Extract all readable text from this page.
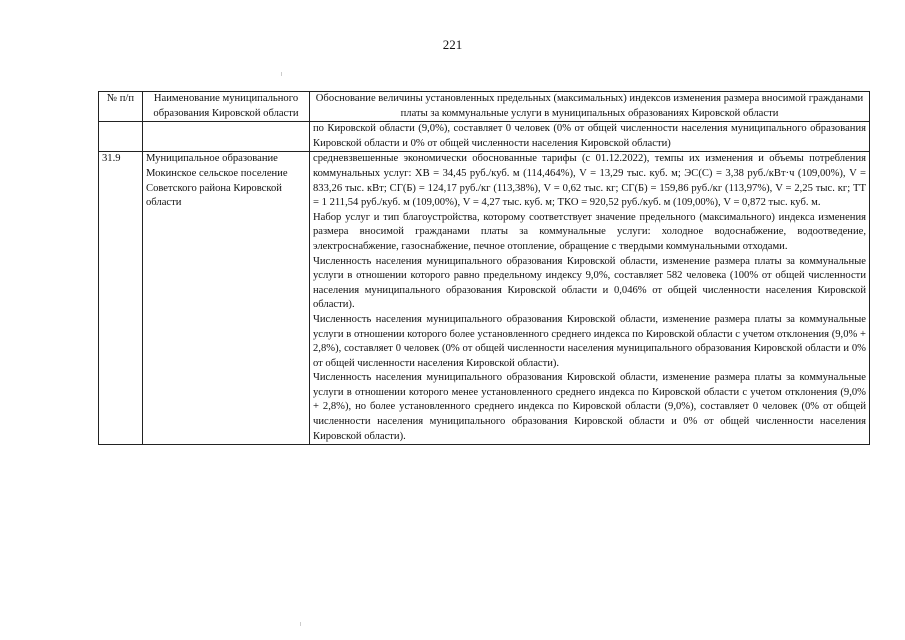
221
№ п/п	Наименование муниципального образования Кировской области	Обоснование величины установленных предельных (максимальных) индексов изменения размера вносимой гражданами платы за коммунальные услуги в муниципальных образованиях Кировской области
		по Кировской области (9,0%), составляет 0 человек (0% от общей численности населения муниципального образования Кировской области и 0% от общей численности населения Кировской области)
31.9	Муниципальное образование Мокинское сельское поселение Советского района Кировской области	средневзвешенные экономически обоснованные тарифы (с 01.12.2022), темпы их изменения и объемы потребления коммунальных услуг: ХВ = 34,45 руб./куб. м (114,464%), V = 13,29 тыс. куб. м; ЭС(С) = 3,38 руб./кВт·ч (109,00%), V = 833,26 тыс. кВт; СГ(Б) = 124,17 руб./кг (113,38%), V = 0,62 тыс. кг; СГ(Б) = 159,86 руб./кг (113,97%), V = 2,25 тыс. кг; ТТ = 1 211,54 руб./куб. м (109,00%), V = 4,27 тыс. куб. м; ТКО = 920,52 руб./куб. м (109,00%), V = 0,872 тыс. куб. м.

Набор услуг и тип благоустройства, которому соответствует значение предельного (максимального) индекса изменения размера вносимой гражданами платы за коммунальные услуги: холодное водоснабжение, водоотведение, электроснабжение, газоснабжение, печное отопление, обращение с твердыми коммунальными отходами.

Численность населения муниципального образования Кировской области, изменение размера платы за коммунальные услуги в отношении которого равно предельному индексу 9,0%, составляет 582 человека (100% от общей численности населения муниципального образования Кировской области и 0,046% от общей численности населения Кировской области).

Численность населения муниципального образования Кировской области, изменение размера платы за коммунальные услуги в отношении которого более установленного среднего индекса по Кировской области с учетом отклонения (9,0% + 2,8%), составляет 0 человек (0% от общей численности населения муниципального образования Кировской области и 0% от общей численности населения Кировской области).

Численность населения муниципального образования Кировской области, изменение размера платы за коммунальные услуги в отношении которого менее установленного среднего индекса по Кировской области с учетом отклонения (9,0% + 2,8%), но более установленного среднего индекса по Кировской области (9,0%), составляет 0 человек (0% от общей численности населения муниципального образования Кировской области и 0% от общей численности населения Кировской области).
